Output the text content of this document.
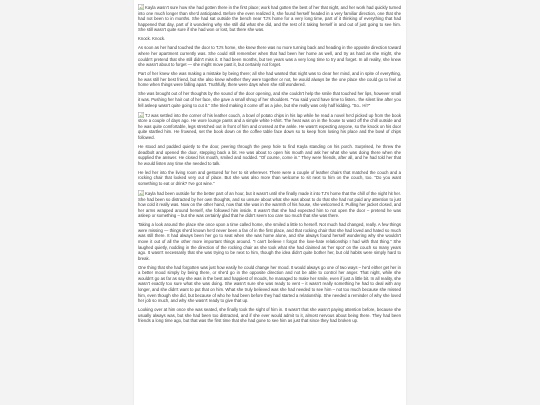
Kayla wasn't sure how she had gotten there in the first place; work had gotten the best of her that night, and her work had quickly turned into one much longer than she'd anticipated. Before she even realized it, she found herself headed in a very familiar direction, one that she had not been to in months. She had sat outside the bench near TJ's home for a very long time, part of it thinking of everything that had happened that day, part of it wondering why she still did what she did, and the rest of it taking herself in and out of just going to see him. She still wasn't quite sure if she had won or lost, but there she was.

Knock. Knock.

As soon as her hand touched the door to TJ's home, she knew there was no more turning back and heading in the opposite direction toward where her apartment currently was. She could still remember when that had been her home as well, and try as hard as she might, she couldn't pretend that she still didn't miss it. It had been months, but ten years was a very long time to try and forget. In all reality, she knew she wasn't about to forget — she might move past it, but certainly not forget.

Part of her knew she was making a mistake by being there; all she had wanted that night was to clear her mind, and in spite of everything, he was still her best friend, but she also knew whether they were together or not, he would always be the one place she could go to feel at home when things were falling apart. Truthfully, there were days when she still wondered.

She was brought out of her thoughts by the sound of the door opening, and she couldn't help the smile that touched her lips, however small it was. Pushing her hair out of her face, she gave a small shrug of her shoulders. "You said you'd have time to listen.. the silent line after you fell asleep wasn't quite going to cut it." She tried making it come off as a joke, but she really was only half kidding. "So.. Hi?"

TJ was settled into the corner of his leather couch, a bowl of potato chips in his lap while he read a novel he'd picked up from the book store a couple of days ago. He wore lounge pants and a simple white t-shirt. The heat was on in the house to ward off the chill outside and he was quite comfortable, legs stretched out in front of him and crossed at the ankle. He wasn't expecting anyone, so the knock on his door quite startled him. He frowned, set the book down on the coffee table face down so to keep from losing his place and the bowl of chips followed.

He stood and padded quietly to the door, peering through the peep hole to find Kayla standing on his porch. Surprised, he threw the deadbolt and opened the door, stepping back a bit. He was about to open his mouth and ask her what she was doing there when she supplied the answer. He closed his mouth, smiled and nodded. "Of course, come in." They were friends, after all, and he had told her that he would listen any time she needed to talk.

He led her into the living room and gestured for her to sit wherever. There were a couple of leather chairs that matched the couch and a rocking chair that looked very out of place. But she was also more than welcome to sit next to him on the couch, too. "Do you want something to eat or drink? I've got wine."

Kayla had been outside for the better part of an hour, but it wasn't until she finally made it into TJ's home that the chill of the night hit her. She had been so distracted by her own thoughts, and so unsure about what she was about to do that she had not paid any attention to just how cold it really was. Now on the other hand, now that she was in the warmth of his house, she welcomed it. Pulling her jacket closed, and her arms wrapped around herself, she followed him inside. It wasn't that she had expected him to not open the door – pretend he was asleep or something – but she was certainly glad that he didn't seem too care too much that she was there.

Taking a look around the place she once upon a time called home, she smiled a little to herself. Not much had changed, really. A few things were missing — things she'd known he'd never been a fan of in the first place, and that rocking chair that she had loved and hated so much was still there. It had always been her go to seat when she was home alone, and she always found herself wondering why she wouldn't move it out of all the other more important things around. "I can't believe I forgot the love-hate relationship I had with that thing." She laughed quietly, nodding in the direction of the rocking chair as she took what she had claimed as 'her spot' on the couch so many years ago. It wasn't necessarily that she was trying to be next to him, though the idea didn't quite bother her, but old habits were simply hard to break.

One thing that she had forgotten was just how easily he could change her mood. It would always go one of two ways – he'd either get her in a better mood simply by being there, or she'd go in the opposite direction and not be able to control her anger. That night, while she wouldn't go as far as say she was in the best and happiest of moods, he managed to make her smile, even if just a little bit. In all reality, she wasn't exactly too sure what she was doing. She wasn't sure she was ready to vent – it wasn't really something he had to deal with any longer, and she didn't want to put that on him. What she truly believed was she had needed to see him – not too much because she missed him, even though she did, but because of who he had been before they had started a relationship. She needed a reminder of why she loved her job so much, and why she wasn't ready to give that up.

Looking over at him once she was seated, she finally took the sight of him in. It wasn't that she wasn't paying attention before, because she usually always was, but she had been too distracted, and if she ever would admit to it, almost nervous about being there. They had been friends a long time ago, but that was the first time that she had gone to see him as just that since they had broken up.
